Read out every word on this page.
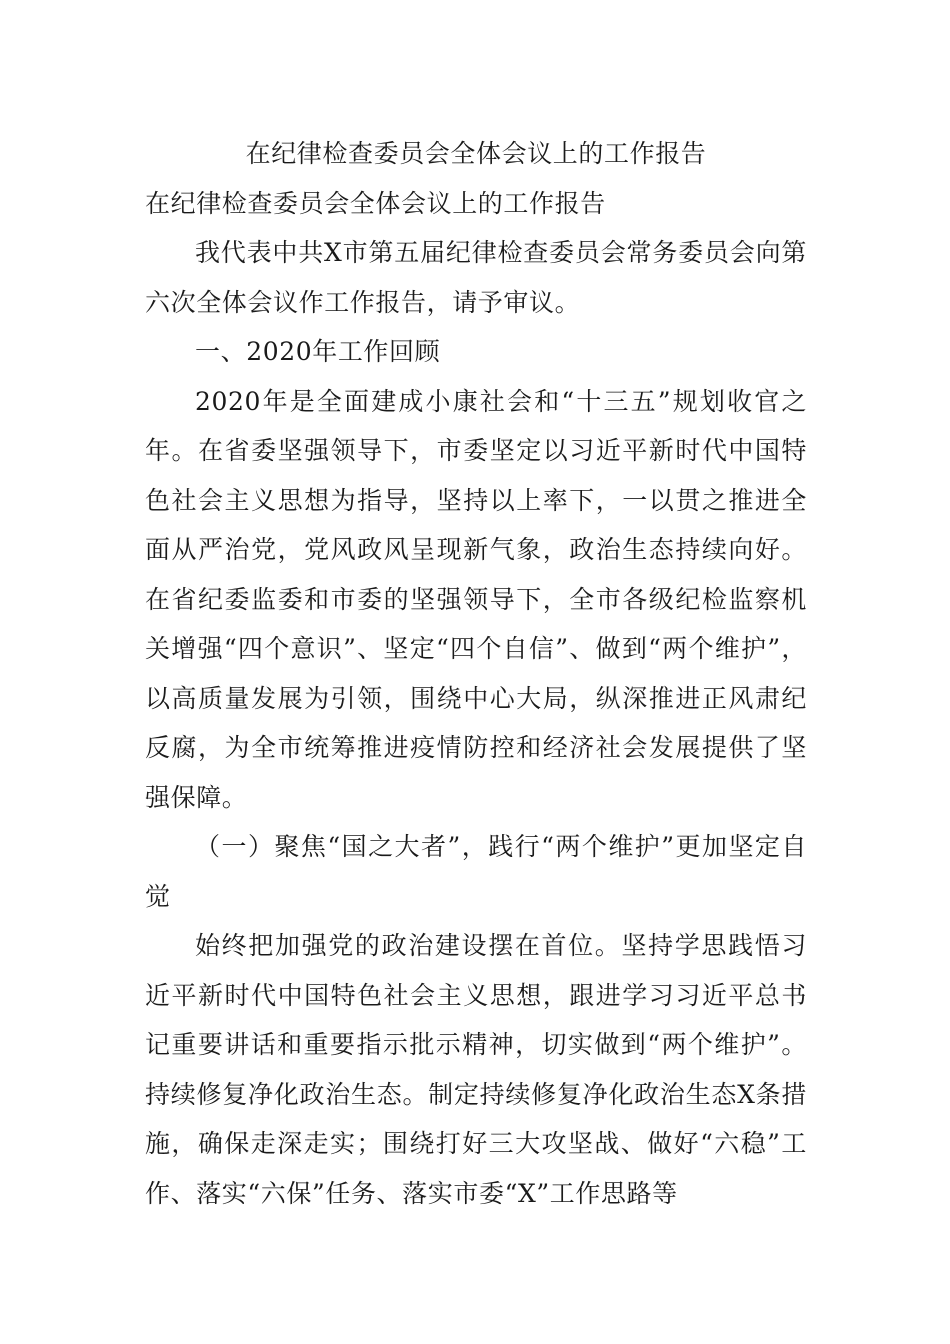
在纪律检查委员会全体会议上的工作报告

在纪律检查委员会全体会议上的工作报告

我代表中共X市第五届纪律检查委员会常务委员会向第六次全体会议作工作报告，请予审议。

一、2020年工作回顾

2020年是全面建成小康社会和“十三五”规划收官之年。在省委坚强领导下，市委坚定以习近平新时代中国特色社会主义思想为指导，坚持以上率下，一以贯之推进全面从严治党，党风政风呈现新气象，政治生态持续向好。在省纪委监委和市委的坚强领导下，全市各级纪检监察机关增强“四个意识”、坚定“四个自信”、做到“两个维护”，以高质量发展为引领，围绕中心大局，纵深推进正风肃纪反腐，为全市统筹推进疫情防控和经济社会发展提供了坚强保障。

（一）聚焦“国之大者”，践行“两个维护”更加坚定自觉

始终把加强党的政治建设摆在首位。坚持学思践悟习近平新时代中国特色社会主义思想，跟进学习习近平总书记重要讲话和重要指示批示精神，切实做到“两个维护”。持续修复净化政治生态。制定持续修复净化政治生态X条措施，确保走深走实；围绕打好三大攻坚战、做好“六稳”工作、落实“六保”任务、落实市委“X”工作思路等
